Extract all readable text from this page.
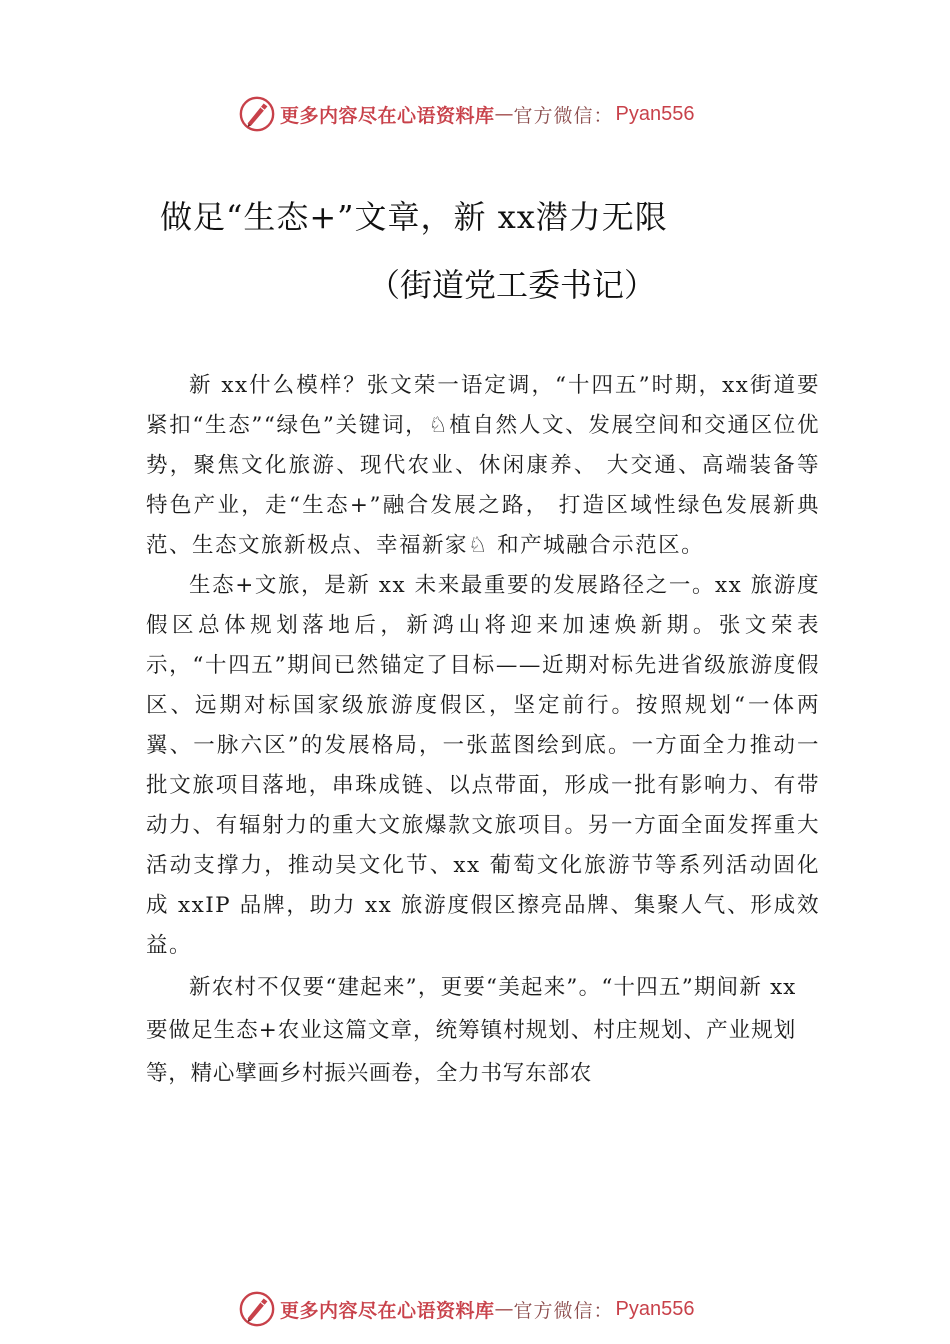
更多内容尽在心语资料库 — 官方微信： Pyan556
做足“生态+”文章，新 xx潜力无限
（街道党工委书记）

新 xx什么模样？张文荣一语定调，“十四五”时期，xx街道要紧扣“生态”“绿色”关键词，♘植自然人文、发展空间和交通区位优势，聚焦文化旅游、现代农业、休闲康养、 大交通、高端装备等特色产业，走“生态+”融合发展之路， 打造区域性绿色发展新典范、生态文旅新极点、幸福新家♘ 和产城融合示范区。

生态+文旅，是新 xx 未来最重要的发展路径之一。xx 旅游度假区总体规划落地后，新鸿山将迎来加速焕新期。张文荣表示，“十四五”期间已然锚定了目标——近期对标先进省级旅游度假区、远期对标国家级旅游度假区，坚定前行。按照规划“一体两翼、一脉六区”的发展格局，一张蓝图绘到底。一方面全力推动一批文旅项目落地，串珠成链、以点带面，形成一批有影响力、有带动力、有辐射力的重大文旅爆款文旅项目。另一方面全面发挥重大活动支撑力，推动吴文化节、xx 葡萄文化旅游节等系列活动固化成 xxIP 品牌，助力 xx 旅游度假区擦亮品牌、集聚人气、形成效益。

新农村不仅要“建起来”，更要“美起来”。“十四五”期间新 xx 要做足生态+农业这篇文章，统筹镇村规划、村庄规划、产业规划等，精心擘画乡村振兴画卷，全力书写东部农

更多内容尽在心语资料库 — 官方微信： Pyan556
